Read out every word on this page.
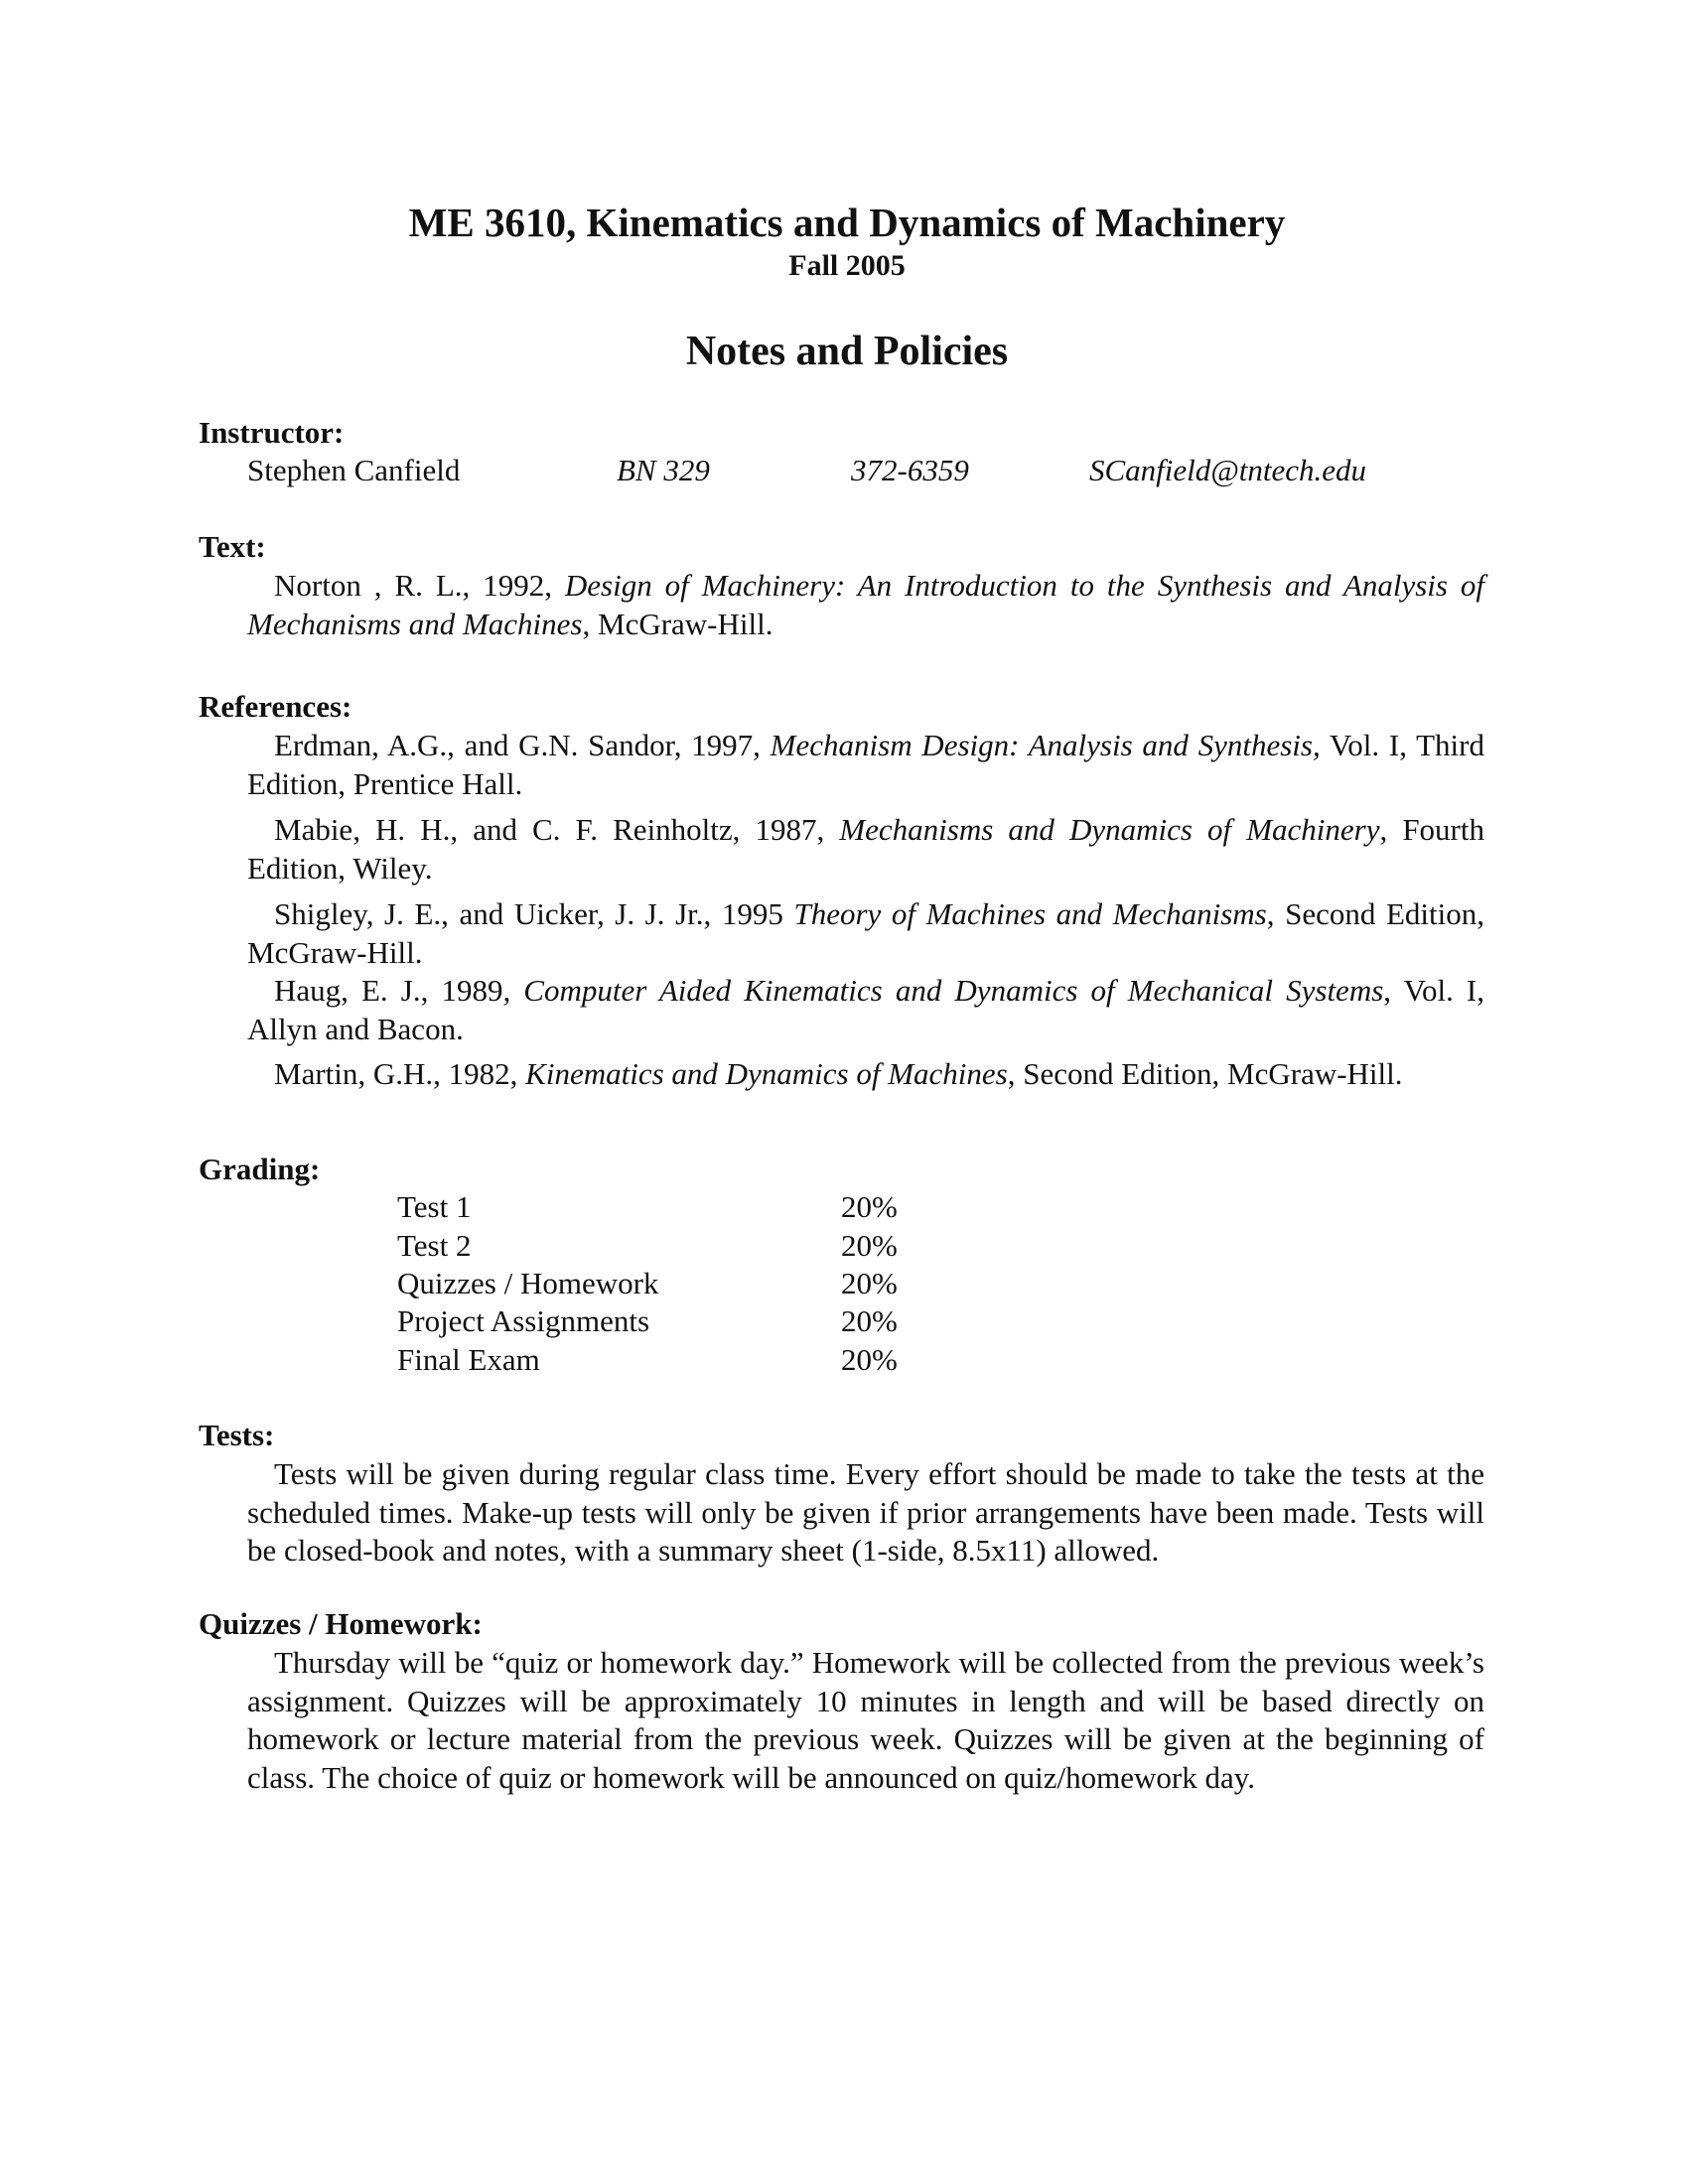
ME 3610, Kinematics and Dynamics of Machinery
Fall 2005
Notes and Policies
Instructor:
Stephen Canfield	BN 329	372-6359	SCanfield@tntech.edu
Text:
Norton , R. L., 1992, Design of Machinery: An Introduction to the Synthesis and Analysis of Mechanisms and Machines, McGraw-Hill.
References:
Erdman, A.G., and G.N. Sandor, 1997, Mechanism Design: Analysis and Synthesis, Vol. I, Third Edition, Prentice Hall.
Mabie, H. H., and C. F. Reinholtz, 1987, Mechanisms and Dynamics of Machinery, Fourth Edition, Wiley.
Shigley, J. E., and Uicker, J. J. Jr., 1995 Theory of Machines and Mechanisms, Second Edition, McGraw-Hill.
Haug, E. J., 1989, Computer Aided Kinematics and Dynamics of Mechanical Systems, Vol. I, Allyn and Bacon.
Martin, G.H., 1982, Kinematics and Dynamics of Machines, Second Edition, McGraw-Hill.
Grading:
Test 1	20%
Test 2	20%
Quizzes / Homework	20%
Project Assignments	20%
Final Exam	20%
Tests:
Tests will be given during regular class time. Every effort should be made to take the tests at the scheduled times. Make-up tests will only be given if prior arrangements have been made. Tests will be closed-book and notes, with a summary sheet (1-side, 8.5x11) allowed.
Quizzes / Homework:
Thursday will be “quiz or homework day.” Homework will be collected from the previous week’s assignment. Quizzes will be approximately 10 minutes in length and will be based directly on homework or lecture material from the previous week. Quizzes will be given at the beginning of class. The choice of quiz or homework will be announced on quiz/homework day.
